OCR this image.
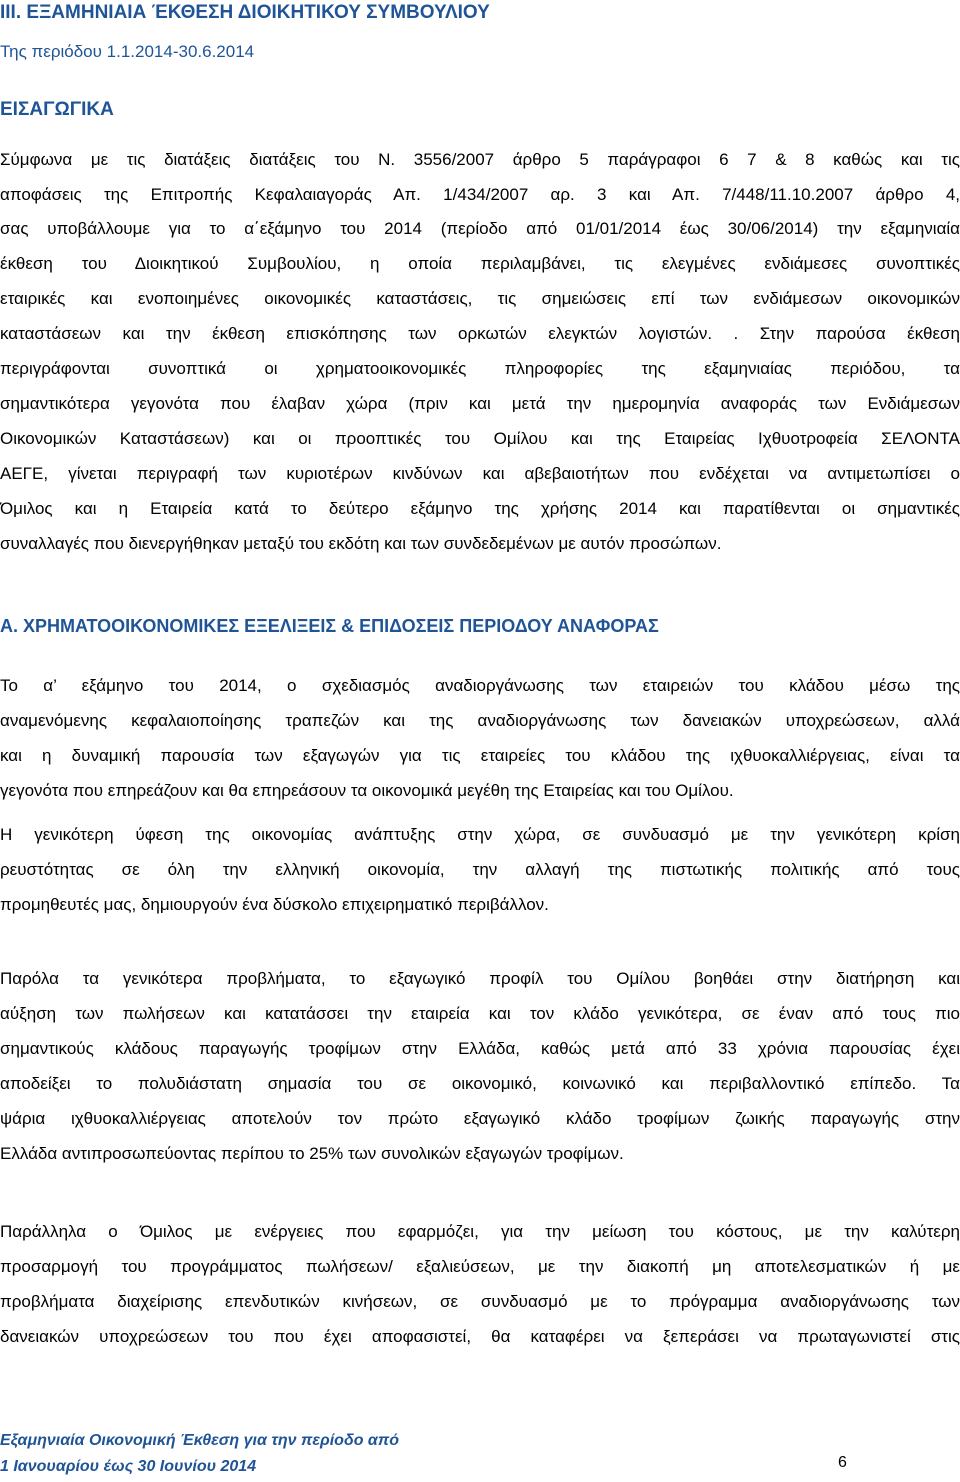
III. ΕΞΑΜΗΝΙΑΙΑ ΈΚΘΕΣΗ ΔΙΟΙΚΗΤΙΚΟΥ ΣΥΜΒΟΥΛΙΟΥ

Της περιόδου 1.1.2014-30.6.2014

ΕΙΣΑΓΩΓΙΚΑ
Σύμφωνα με τις διατάξεις διατάξεις του Ν. 3556/2007 άρθρο 5 παράγραφοι 6 7 & 8 καθώς και τις
αποφάσεις της Επιτροπής Κεφαλαιαγοράς Απ. 1/434/2007 αρ. 3 και Απ. 7/448/11.10.2007 άρθρο 4,
σας υποβάλλουμε για το α΄εξάμηνο του 2014 (περίοδο από 01/01/2014 έως 30/06/2014) την εξαμηνιαία
έκθεση του Διοικητικού Συμβουλίου, η οποία περιλαμβάνει, τις ελεγμένες ενδιάμεσες συνοπτικές
εταιρικές και ενοποιημένες οικονομικές καταστάσεις, τις σημειώσεις επί των ενδιάμεσων οικονομικών
καταστάσεων και την έκθεση επισκόπησης των ορκωτών ελεγκτών λογιστών. . Στην παρούσα έκθεση
περιγράφονται συνοπτικά οι χρηματοοικονομικές πληροφορίες της εξαμηνιαίας περιόδου, τα
σημαντικότερα γεγονότα που έλαβαν χώρα (πριν και μετά την ημερομηνία αναφοράς των Ενδιάμεσων
Οικονομικών Καταστάσεων) και οι προοπτικές του Ομίλου και της Εταιρείας Ιχθυοτροφεία ΣΕΛΟΝΤΑ
ΑΕΓΕ, γίνεται περιγραφή των κυριοτέρων κινδύνων και αβεβαιοτήτων που ενδέχεται να αντιμετωπίσει ο
Όμιλος και η Εταιρεία κατά το δεύτερο εξάμηνο της χρήσης 2014 και παρατίθενται οι σημαντικές
συναλλαγές που διενεργήθηκαν μεταξύ του εκδότη και των συνδεδεμένων με αυτόν προσώπων.
Α. ΧΡΗΜΑΤΟΟΙΚΟΝΟΜΙΚΕΣ ΕΞΕΛΙΞΕΙΣ & ΕΠΙΔΟΣΕΙΣ ΠΕΡΙΟΔΟΥ ΑΝΑΦΟΡΑΣ
Το α’ εξάμηνο του 2014, ο σχεδιασμός αναδιοργάνωσης των εταιρειών του κλάδου μέσω της
αναμενόμενης κεφαλαιοποίησης τραπεζών και της αναδιοργάνωσης των δανειακών υποχρεώσεων, αλλά
και η δυναμική παρουσία των εξαγωγών για τις εταιρείες του κλάδου της ιχθυοκαλλιέργειας, είναι τα
γεγονότα που επηρεάζουν και θα επηρεάσουν τα οικονομικά μεγέθη της Εταιρείας και του Ομίλου.
Η γενικότερη ύφεση της οικονομίας ανάπτυξης στην χώρα, σε συνδυασμό με την γενικότερη κρίση
ρευστότητας σε όλη την ελληνική οικονομία, την αλλαγή της πιστωτικής πολιτικής από τους
προμηθευτές μας, δημιουργούν ένα δύσκολο επιχειρηματικό περιβάλλον.
Παρόλα τα γενικότερα προβλήματα, το εξαγωγικό προφίλ του Ομίλου βοηθάει στην διατήρηση και
αύξηση των πωλήσεων και κατατάσσει την εταιρεία και τον κλάδο γενικότερα, σε έναν από τους πιο
σημαντικούς κλάδους παραγωγής τροφίμων στην Ελλάδα, καθώς μετά από 33 χρόνια παρουσίας έχει
αποδείξει το πολυδιάστατη σημασία του σε οικονομικό, κοινωνικό και περιβαλλοντικό επίπεδο. Τα
ψάρια ιχθυοκαλλιέργειας αποτελούν τον πρώτο εξαγωγικό κλάδο τροφίμων ζωικής παραγωγής στην
Ελλάδα αντιπροσωπεύοντας περίπου το 25% των συνολικών εξαγωγών τροφίμων.
Παράλληλα ο Όμιλος με ενέργειες που εφαρμόζει, για την μείωση του κόστους, με την καλύτερη
προσαρμογή του προγράμματος πωλήσεων/ εξαλιεύσεων, με την διακοπή μη αποτελεσματικών ή με
προβλήματα διαχείρισης επενδυτικών κινήσεων, σε συνδυασμό με το πρόγραμμα αναδιοργάνωσης των
δανειακών υποχρεώσεων του που έχει αποφασιστεί, θα καταφέρει να ξεπεράσει να πρωταγωνιστεί στις
Εξαμηνιαία Οικονομική Έκθεση για την περίοδο από
1 Ιανουαρίου έως 30 Ιουνίου 2014	6
